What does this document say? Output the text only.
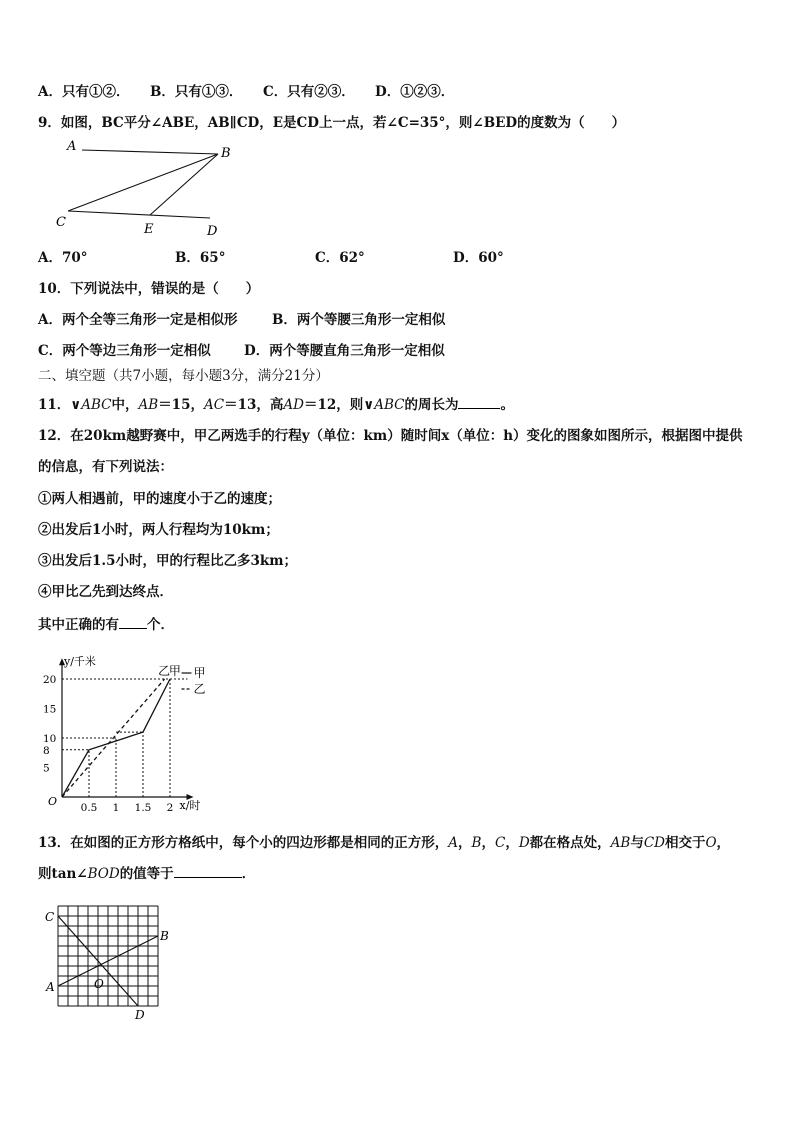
A．只有①②． B．只有①③． C．只有②③． D．①②③．
9．如图，BC平分∠ABE，AB∥CD，E是CD上一点，若∠C=35°，则∠BED的度数为（　　）
A	B
C	E	D
A．70°	B．65°	C．62°	D．60°
10．下列说法中，错误的是（　　）
A．两个全等三角形一定是相似形	B．两个等腰三角形一定相似
C．两个等边三角形一定相似 D．两个等腰直角三角形一定相似
二、填空题（共7小题，每小题3分，满分21分）
11．∨ABC中，AB＝15，AC＝13，高AD＝12，则∨ABC的周长为	。
12．在20km越野赛中，甲乙两选手的行程y（单位：km）随时间x（单位：h）变化的图象如图所示，根据图中提供
的信息，有下列说法：
①两人相遇前，甲的速度小于乙的速度；
②出发后1小时，两人行程均为10km；
③出发后1.5小时，甲的行程比乙多3km；
④甲比乙先到达终点．
其中正确的有 个．
y/千米
x/时
O
5
8
10
15
20
0.5 1 1.5 2
乙
甲 甲
乙
13．在如图的正方形方格纸中，每个小的四边形都是相同的正方形，A，B，C，D都在格点处，AB与CD相交于O，
则tan∠BOD的值等于	．
C
B
O
A
D
